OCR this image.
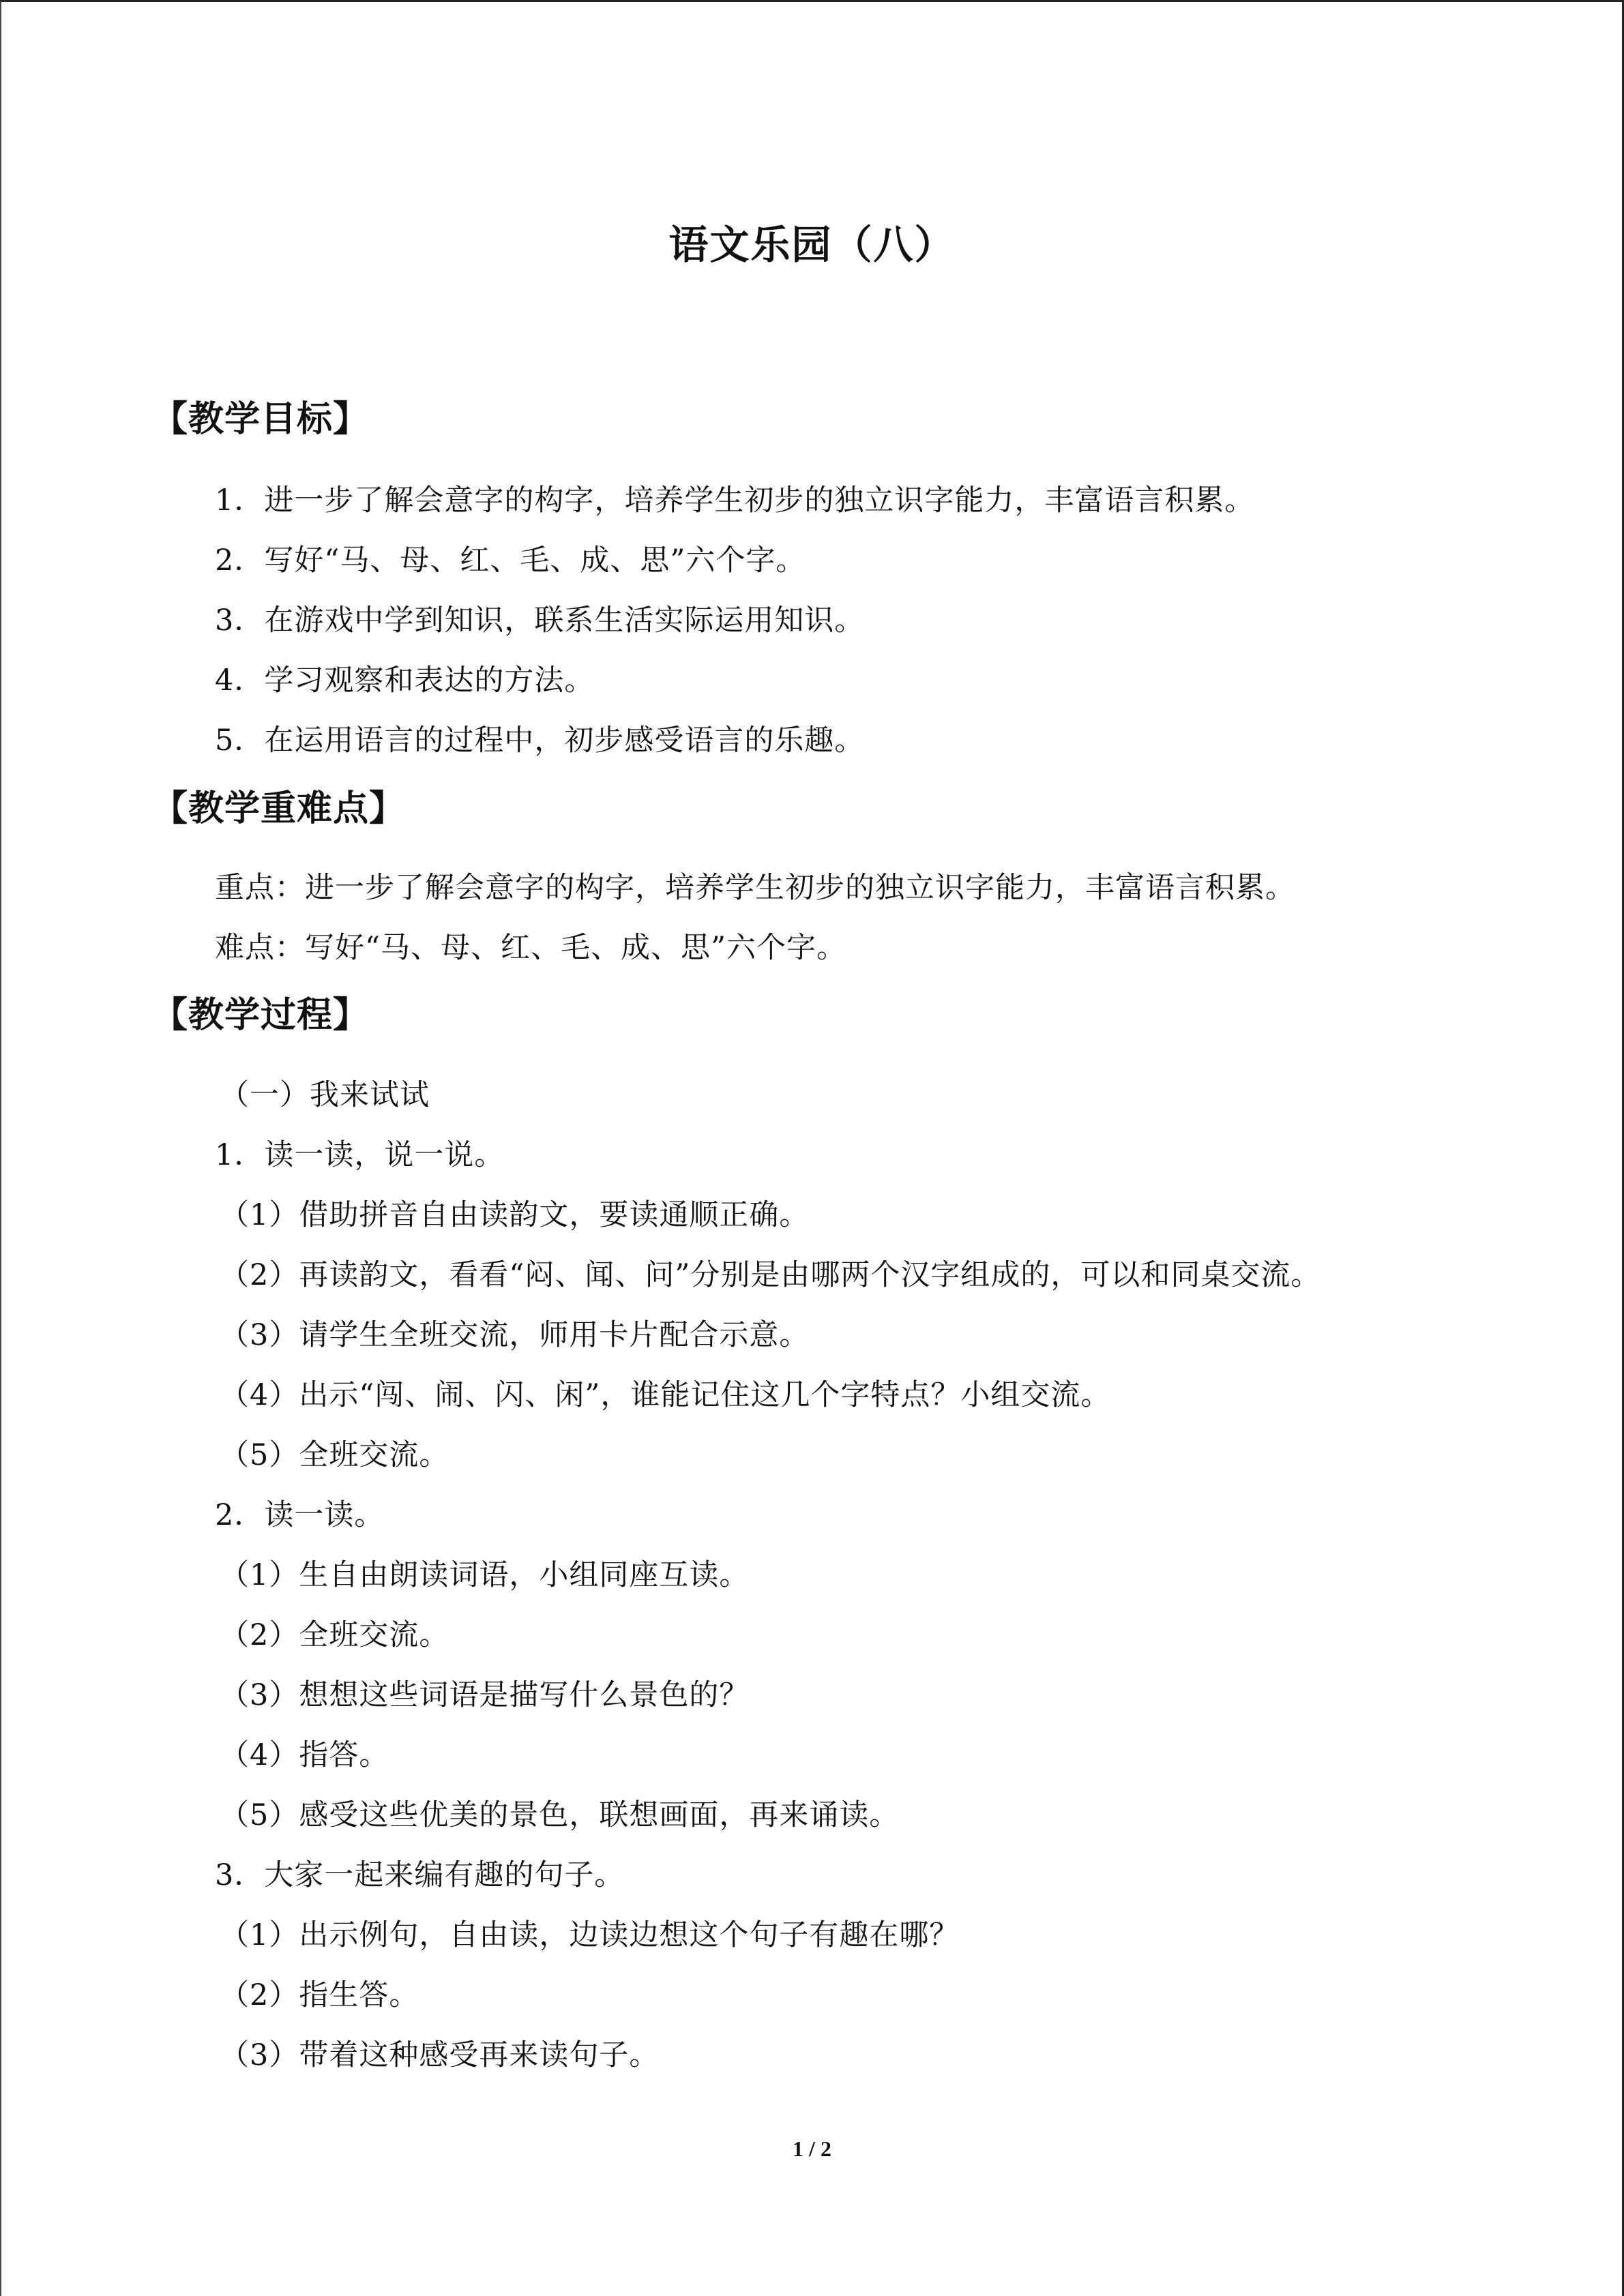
语文乐园（八）
【教学目标】

1．进一步了解会意字的构字，培养学生初步的独立识字能力，丰富语言积累。

2．写好“马、母、红、毛、成、思”六个字。

3．在游戏中学到知识，联系生活实际运用知识。

4．学习观察和表达的方法。

5．在运用语言的过程中，初步感受语言的乐趣。

【教学重难点】

重点：进一步了解会意字的构字，培养学生初步的独立识字能力，丰富语言积累。

难点：写好“马、母、红、毛、成、思”六个字。

【教学过程】

（一）我来试试

1．读一读，说一说。

（1）借助拼音自由读韵文，要读通顺正确。

（2）再读韵文，看看“闷、闻、问”分别是由哪两个汉字组成的，可以和同桌交流。

（3）请学生全班交流，师用卡片配合示意。

（4）出示“闯、闹、闪、闲”，谁能记住这几个字特点？小组交流。

（5）全班交流。

2．读一读。

（1）生自由朗读词语，小组同座互读。

（2）全班交流。

（3）想想这些词语是描写什么景色的？

（4）指答。

（5）感受这些优美的景色，联想画面，再来诵读。

3．大家一起来编有趣的句子。

（1）出示例句，自由读，边读边想这个句子有趣在哪？

（2）指生答。

（3）带着这种感受再来读句子。

1 / 2
